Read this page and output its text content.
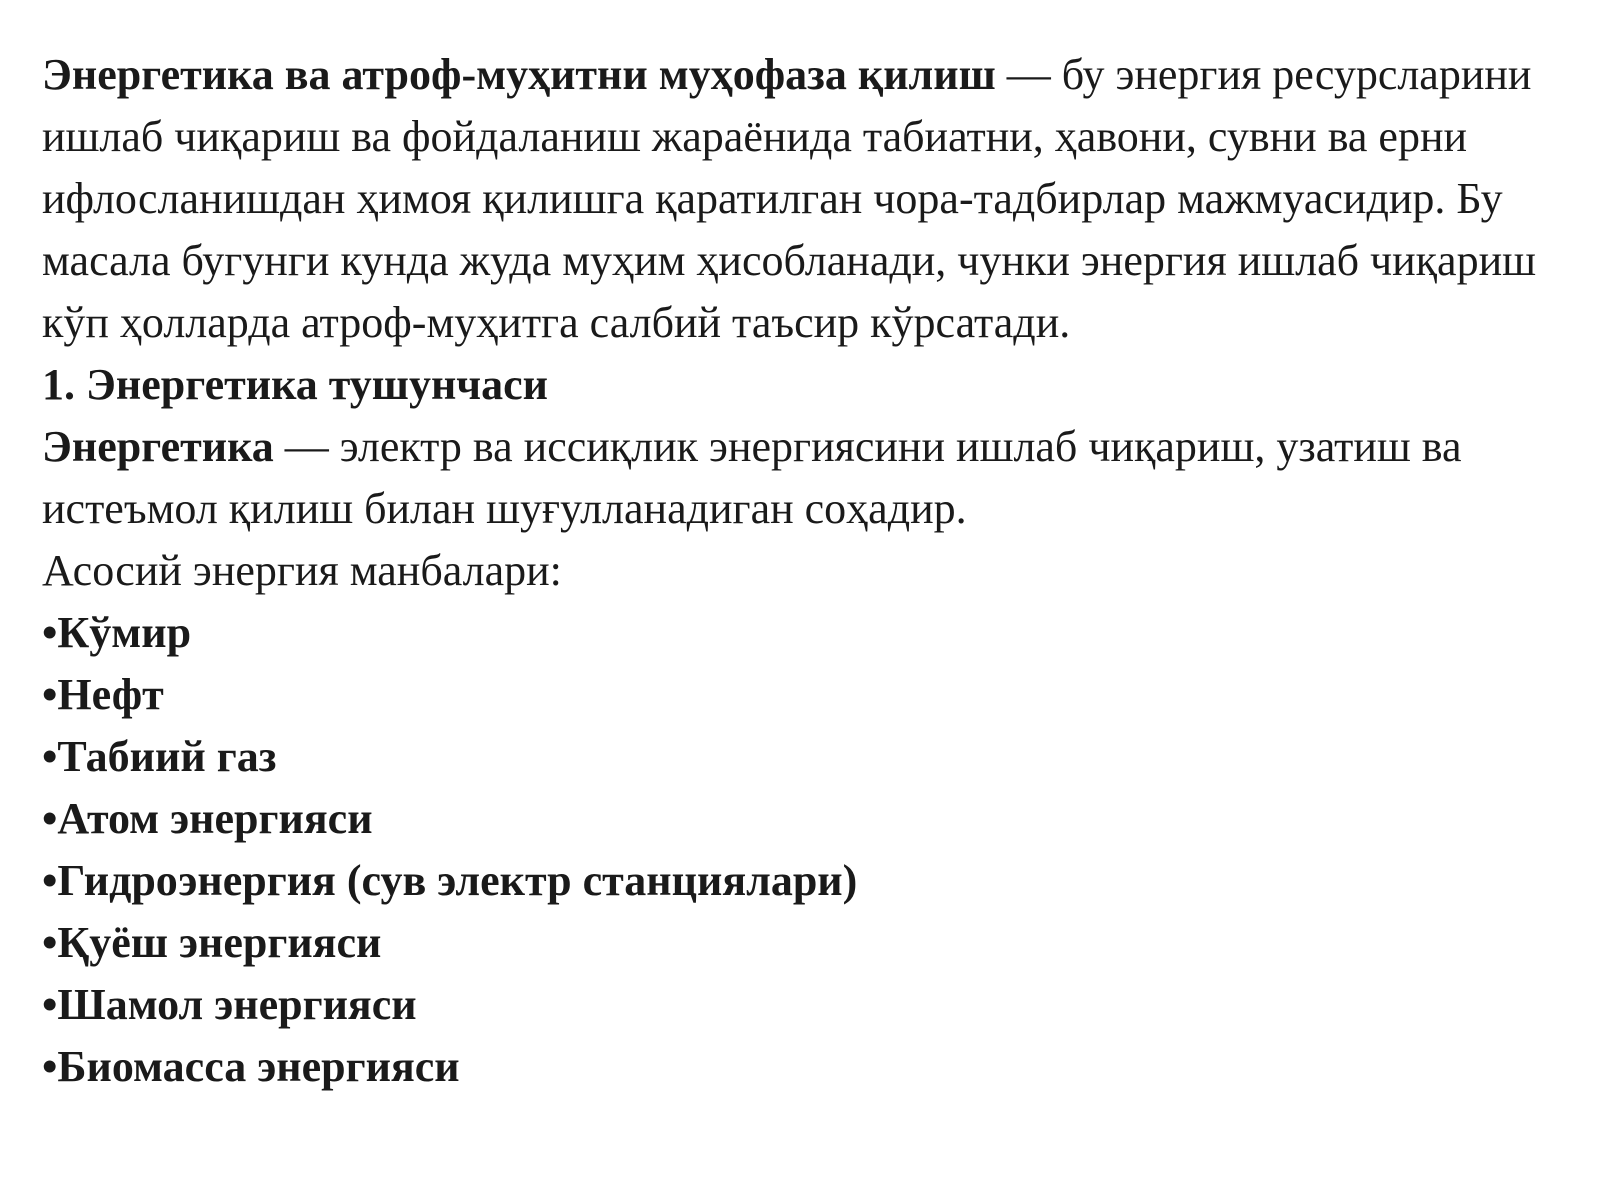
Энергетика ва атроф-муҳитни муҳофаза қилиш — бу энергия ресурсларини ишлаб чиқариш ва фойдаланиш жараёнида табиатни, ҳавони, сувни ва ерни ифлосланишдан ҳимоя қилишга қаратилган чора-тадбирлар мажмуасидир. Бу масала бугунги кунда жуда муҳим ҳисобланади, чунки энергия ишлаб чиқариш кўп ҳолларда атроф-муҳитга салбий таъсир кўрсатади.

1. Энергетика тушунчаси

Энергетика — электр ва иссиқлик энергиясини ишлаб чиқариш, узатиш ва истеъмол қилиш билан шуғулланадиган соҳадир.

Асосий энергия манбалари:

•Кўмир
•Нефт
•Табиий газ
•Атом энергияси
•Гидроэнергия (сув электр станциялари)
•Қуёш энергияси
•Шамол энергияси
•Биомасса энергияси
